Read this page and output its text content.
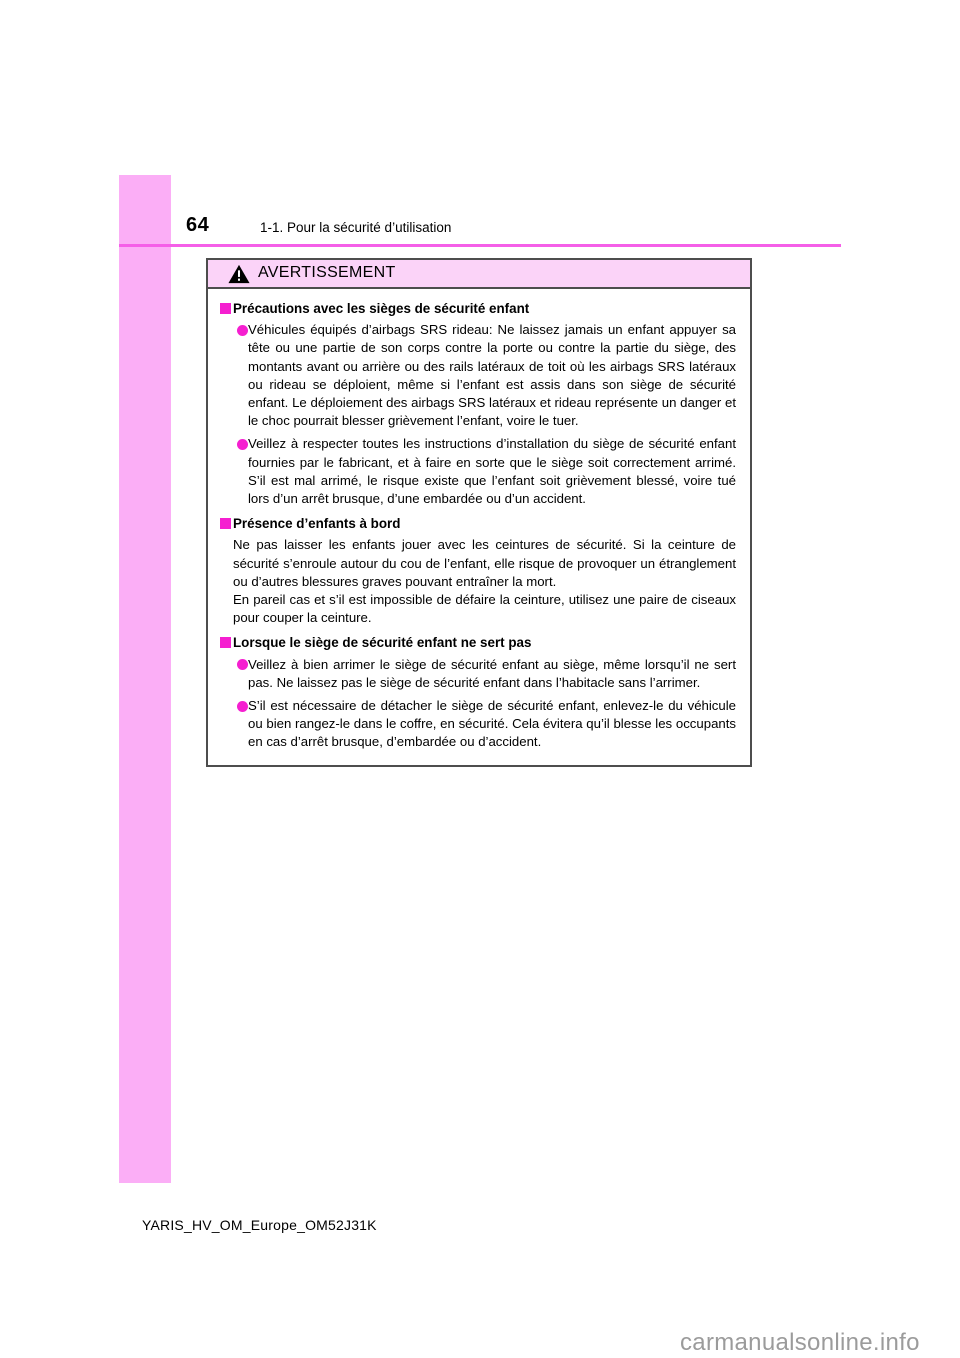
64	1-1. Pour la sécurité d’utilisation
AVERTISSEMENT
Précautions avec les sièges de sécurité enfant
Véhicules équipés d’airbags SRS rideau: Ne laissez jamais un enfant appuyer sa tête ou une partie de son corps contre la porte ou contre la partie du siège, des montants avant ou arrière ou des rails latéraux de toit où les airbags SRS latéraux ou rideau se déploient, même si l’enfant est assis dans son siège de sécurité enfant. Le déploiement des airbags SRS latéraux et rideau représente un danger et le choc pourrait blesser grièvement l’enfant, voire le tuer.
Veillez à respecter toutes les instructions d’installation du siège de sécurité enfant fournies par le fabricant, et à faire en sorte que le siège soit correctement arrimé. S’il est mal arrimé, le risque existe que l’enfant soit grièvement blessé, voire tué lors d’un arrêt brusque, d’une embardée ou d’un accident.
Présence d’enfants à bord
Ne pas laisser les enfants jouer avec les ceintures de sécurité. Si la ceinture de sécurité s’enroule autour du cou de l’enfant, elle risque de provoquer un étranglement ou d’autres blessures graves pouvant entraîner la mort.
En pareil cas et s’il est impossible de défaire la ceinture, utilisez une paire de ciseaux pour couper la ceinture.
Lorsque le siège de sécurité enfant ne sert pas
Veillez à bien arrimer le siège de sécurité enfant au siège, même lorsqu’il ne sert pas. Ne laissez pas le siège de sécurité enfant dans l’habitacle sans l’arrimer.
S’il est nécessaire de détacher le siège de sécurité enfant, enlevez-le du véhicule ou bien rangez-le dans le coffre, en sécurité. Cela évitera qu’il blesse les occupants en cas d’arrêt brusque, d’embardée ou d’accident.
YARIS_HV_OM_Europe_OM52J31K
carmanualsonline.info
